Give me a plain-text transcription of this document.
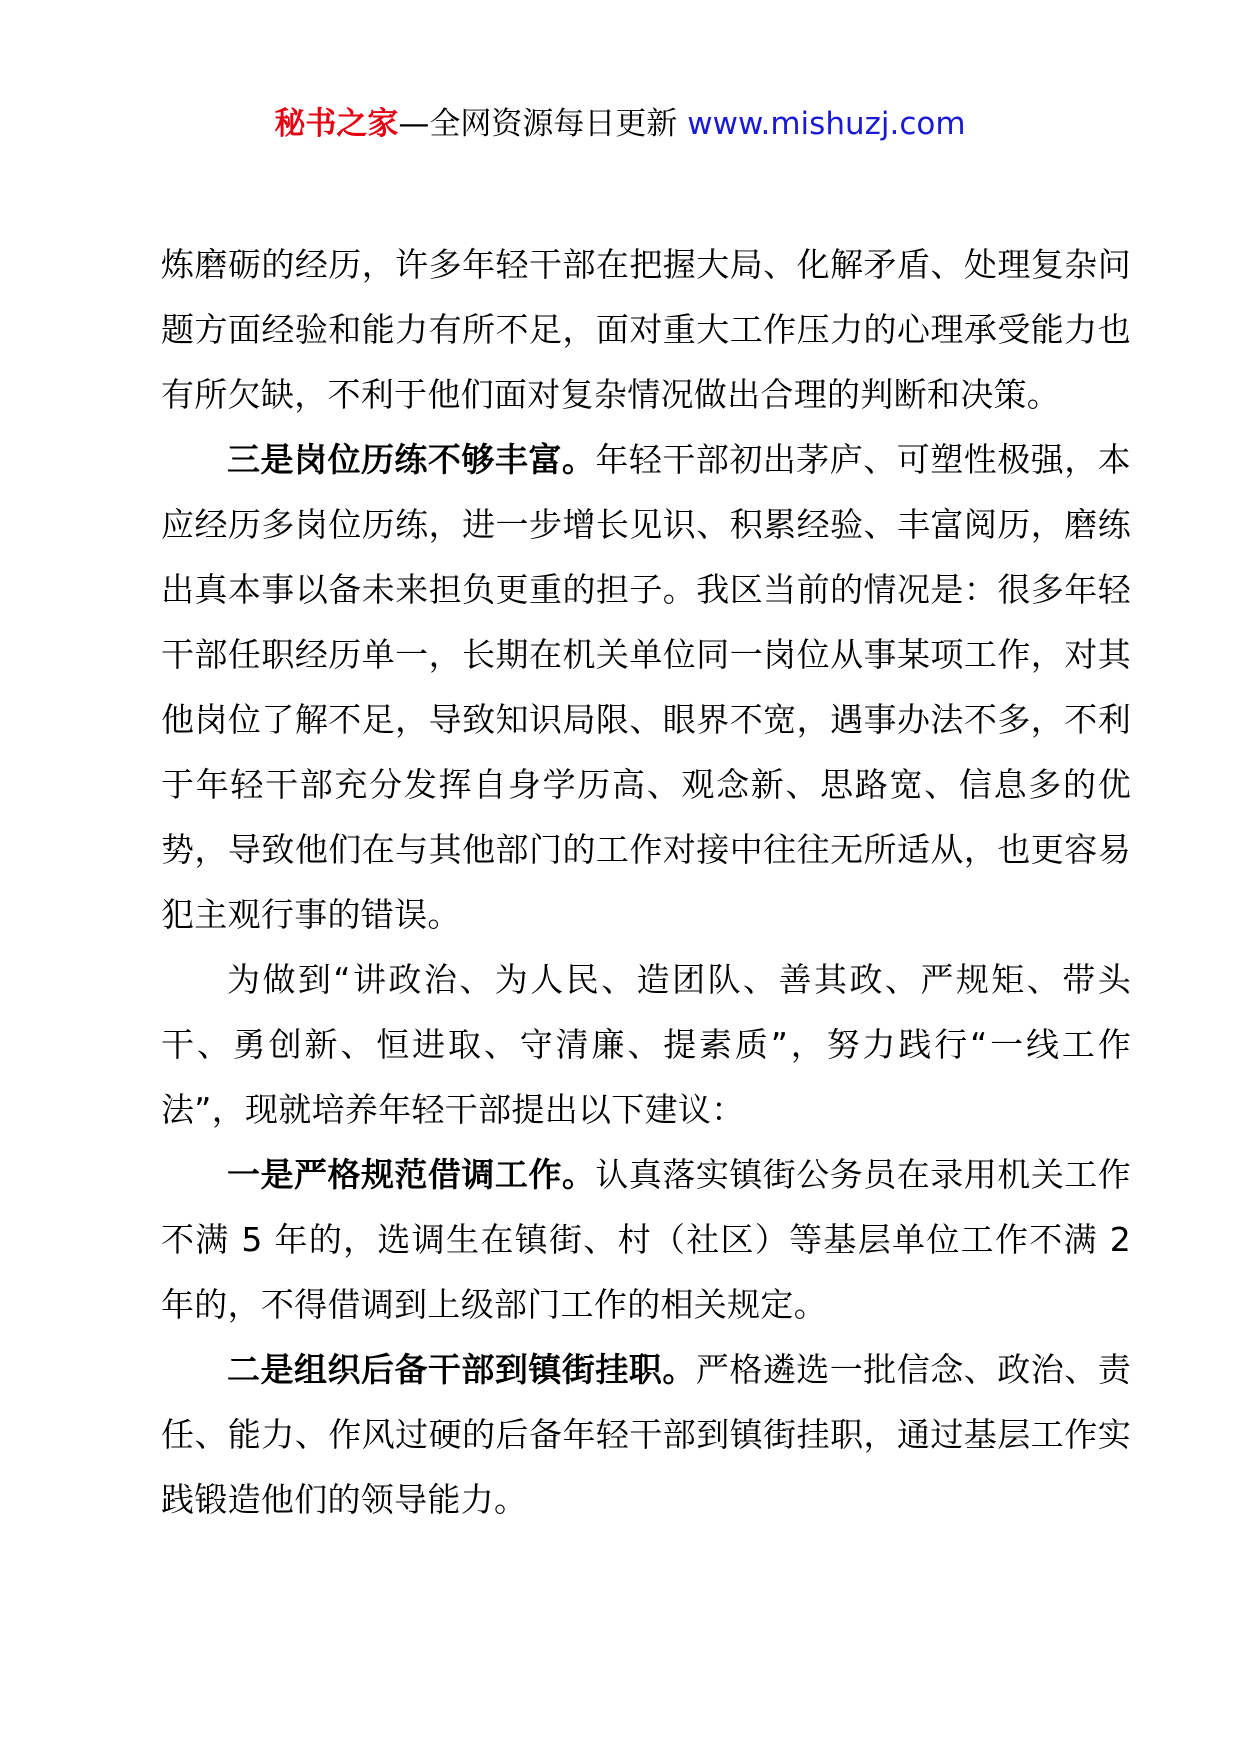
秘书之家—全网资源每日更新 www.mishuzj.com

炼磨砺的经历，许多年轻干部在把握大局、化解矛盾、处理复杂问题方面经验和能力有所不足，面对重大工作压力的心理承受能力也有所欠缺，不利于他们面对复杂情况做出合理的判断和决策。

三是岗位历练不够丰富。年轻干部初出茅庐、可塑性极强，本应经历多岗位历练，进一步增长见识、积累经验、丰富阅历，磨练出真本事以备未来担负更重的担子。我区当前的情况是：很多年轻干部任职经历单一，长期在机关单位同一岗位从事某项工作，对其他岗位了解不足，导致知识局限、眼界不宽，遇事办法不多，不利于年轻干部充分发挥自身学历高、观念新、思路宽、信息多的优势，导致他们在与其他部门的工作对接中往往无所适从，也更容易犯主观行事的错误。

为做到“讲政治、为人民、造团队、善其政、严规矩、带头干、勇创新、恒进取、守清廉、提素质”，努力践行“一线工作法”，现就培养年轻干部提出以下建议：

一是严格规范借调工作。认真落实镇街公务员在录用机关工作不满 5 年的，选调生在镇街、村（社区）等基层单位工作不满 2 年的，不得借调到上级部门工作的相关规定。

二是组织后备干部到镇街挂职。严格遴选一批信念、政治、责任、能力、作风过硬的后备年轻干部到镇街挂职，通过基层工作实践锻造他们的领导能力。
